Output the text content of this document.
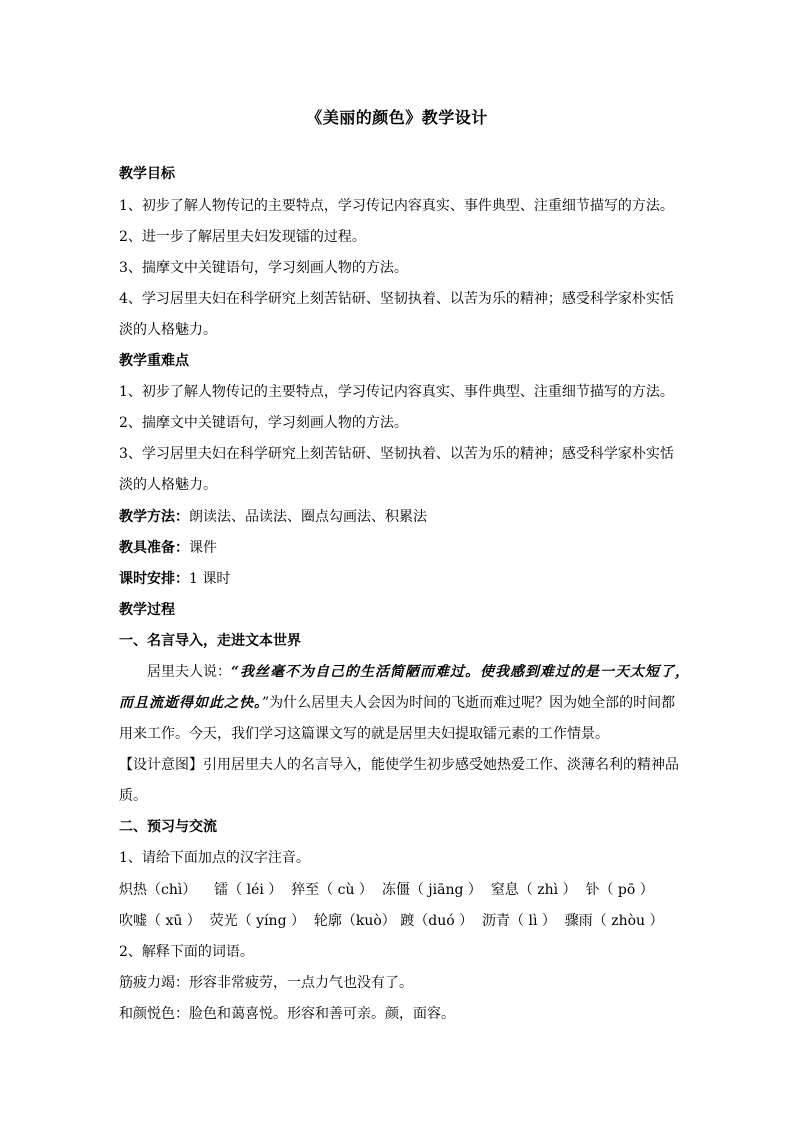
《美丽的颜色》教学设计
教学目标
1、初步了解人物传记的主要特点，学习传记内容真实、事件典型、注重细节描写的方法。
2、进一步了解居里夫妇发现镭的过程。
3、揣摩文中关键语句，学习刻画人物的方法。
4、学习居里夫妇在科学研究上刻苦钻研、坚韧执着、以苦为乐的精神；感受科学家朴实恬
淡的人格魅力。
教学重难点
1、初步了解人物传记的主要特点，学习传记内容真实、事件典型、注重细节描写的方法。
2、揣摩文中关键语句，学习刻画人物的方法。
3、学习居里夫妇在科学研究上刻苦钻研、坚韧执着、以苦为乐的精神；感受科学家朴实恬
淡的人格魅力。
教学方法：朗读法、品读法、圈点勾画法、积累法
教具准备：课件
课时安排：1 课时
教学过程
一、名言导入，走进文本世界
居里夫人说：“我丝毫不为自己的生活简陋而难过。使我感到难过的是一天太短了，
而且流逝得如此之快。”为什么居里夫人会因为时间的飞逝而难过呢？因为她全部的时间都
用来工作。今天，我们学习这篇课文写的就是居里夫妇提取镭元素的工作情景。
【设计意图】引用居里夫人的名言导入，能使学生初步感受她热爱工作、淡薄名利的精神品
质。
二、预习与交流
1、请给下面加点的汉字注音。
炽热（chì）    镭（ léi ）  猝至（ cù ）  冻僵（ jiāng ）  窒息（ zhì ）  钋（ pō ）
吹嘘（ xū ）  荧光（ yíng ）  轮廓（kuò） 踱（duó ）  沥青（ lì ）  骤雨（ zhòu ）
2、解释下面的词语。
筋疲力竭：形容非常疲劳，一点力气也没有了。
和颜悦色：脸色和蔼喜悦。形容和善可亲。颜，面容。
